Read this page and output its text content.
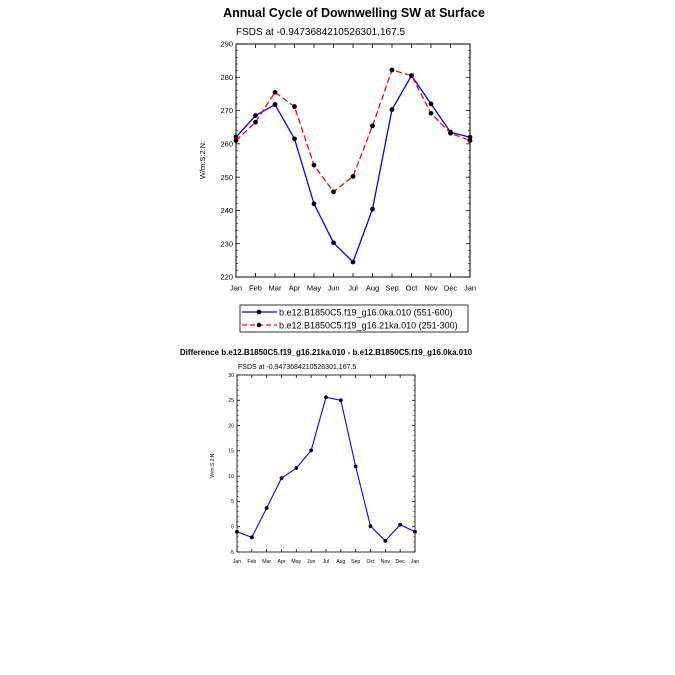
Annual Cycle of Downwelling SW at Surface
FSDS at -0.9473684210526301,167.5
W/m:S:2:N:
Jan Feb Mar Apr May Jun Jul Aug Sep Oct Nov Dec Jan
220
230
240
250
260
270
280
290
b.e12.B1850C5.f19_g16.0ka.010 (551-600)
b.e12.B1850C5.f19_g16.21ka.010 (251-300)
Difference b.e12.B1850C5.f19_g16.21ka.010 - b.e12.B1850C5.f19_g16.0ka.010
FSDS at -0.9473684210526301,167.5
W/m:S:2:N:
Jan Feb Mar Apr May Jun Jul Aug Sep Oct Nov Dec Jan
-5
0
5
10
15
20
25
30
